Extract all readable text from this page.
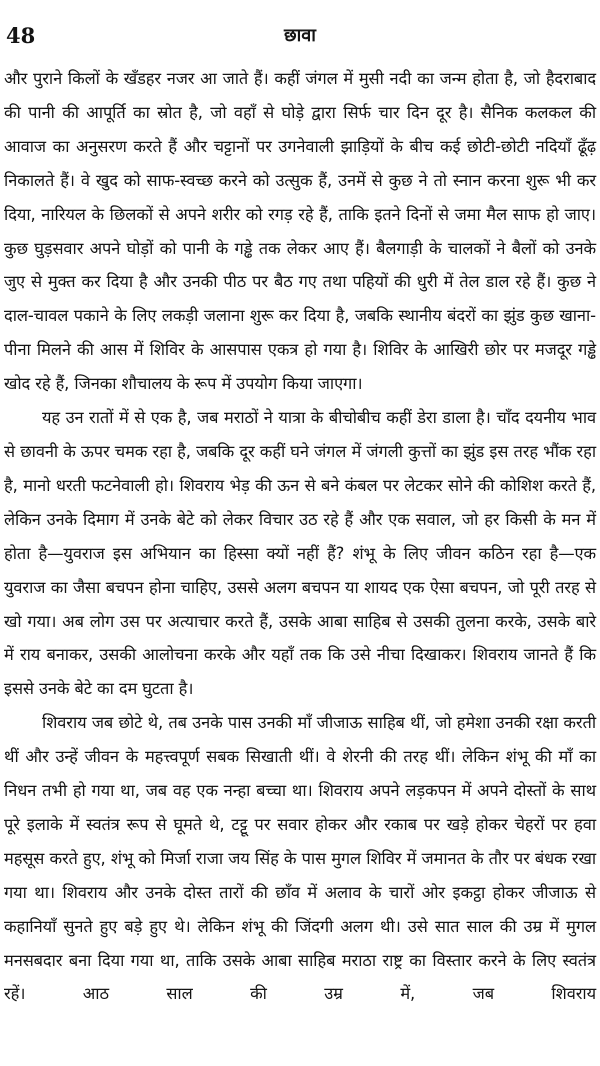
48	छावा

और पुराने किलों के खँडहर नजर आ जाते हैं। कहीं जंगल में मुसी नदी का जन्म होता है, जो हैदराबाद की पानी की आपूर्ति का स्रोत है, जो वहाँ से घोड़े द्वारा सिर्फ चार दिन दूर है। सैनिक कलकल की आवाज का अनुसरण करते हैं और चट्टानों पर उगनेवाली झाड़ियों के बीच कई छोटी-छोटी नदियाँ ढूँढ़ निकालते हैं। वे खुद को साफ-स्वच्छ करने को उत्सुक हैं, उनमें से कुछ ने तो स्नान करना शुरू भी कर दिया, नारियल के छिलकों से अपने शरीर को रगड़ रहे हैं, ताकि इतने दिनों से जमा मैल साफ हो जाए। कुछ घुड़सवार अपने घोड़ों को पानी के गड्ढे तक लेकर आए हैं। बैलगाड़ी के चालकों ने बैलों को उनके जुए से मुक्त कर दिया है और उनकी पीठ पर बैठ गए तथा पहियों की धुरी में तेल डाल रहे हैं। कुछ ने दाल-चावल पकाने के लिए लकड़ी जलाना शुरू कर दिया है, जबकि स्थानीय बंदरों का झुंड कुछ खाना-पीना मिलने की आस में शिविर के आसपास एकत्र हो गया है। शिविर के आखिरी छोर पर मजदूर गड्ढे खोद रहे हैं, जिनका शौचालय के रूप में उपयोग किया जाएगा।

यह उन रातों में से एक है, जब मराठों ने यात्रा के बीचोबीच कहीं डेरा डाला है। चाँद दयनीय भाव से छावनी के ऊपर चमक रहा है, जबकि दूर कहीं घने जंगल में जंगली कुत्तों का झुंड इस तरह भौंक रहा है, मानो धरती फटनेवाली हो। शिवराय भेड़ की ऊन से बने कंबल पर लेटकर सोने की कोशिश करते हैं, लेकिन उनके दिमाग में उनके बेटे को लेकर विचार उठ रहे हैं और एक सवाल, जो हर किसी के मन में होता है—युवराज इस अभियान का हिस्सा क्यों नहीं हैं? शंभू के लिए जीवन कठिन रहा है—एक युवराज का जैसा बचपन होना चाहिए, उससे अलग बचपन या शायद एक ऐसा बचपन, जो पूरी तरह से खो गया। अब लोग उस पर अत्याचार करते हैं, उसके आबा साहिब से उसकी तुलना करके, उसके बारे में राय बनाकर, उसकी आलोचना करके और यहाँ तक कि उसे नीचा दिखाकर। शिवराय जानते हैं कि इससे उनके बेटे का दम घुटता है।

शिवराय जब छोटे थे, तब उनके पास उनकी माँ जीजाऊ साहिब थीं, जो हमेशा उनकी रक्षा करती थीं और उन्हें जीवन के महत्त्वपूर्ण सबक सिखाती थीं। वे शेरनी की तरह थीं। लेकिन शंभू की माँ का निधन तभी हो गया था, जब वह एक नन्हा बच्चा था। शिवराय अपने लड़कपन में अपने दोस्तों के साथ पूरे इलाके में स्वतंत्र रूप से घूमते थे, टट्टू पर सवार होकर और रकाब पर खड़े होकर चेहरों पर हवा महसूस करते हुए, शंभू को मिर्जा राजा जय सिंह के पास मुगल शिविर में जमानत के तौर पर बंधक रखा गया था। शिवराय और उनके दोस्त तारों की छाँव में अलाव के चारों ओर इकट्ठा होकर जीजाऊ से कहानियाँ सुनते हुए बड़े हुए थे। लेकिन शंभू की जिंदगी अलग थी। उसे सात साल की उम्र में मुगल मनसबदार बना दिया गया था, ताकि उसके आबा साहिब मराठा राष्ट्र का विस्तार करने के लिए स्वतंत्र रहें। आठ साल की उम्र में, जब शिवराय
